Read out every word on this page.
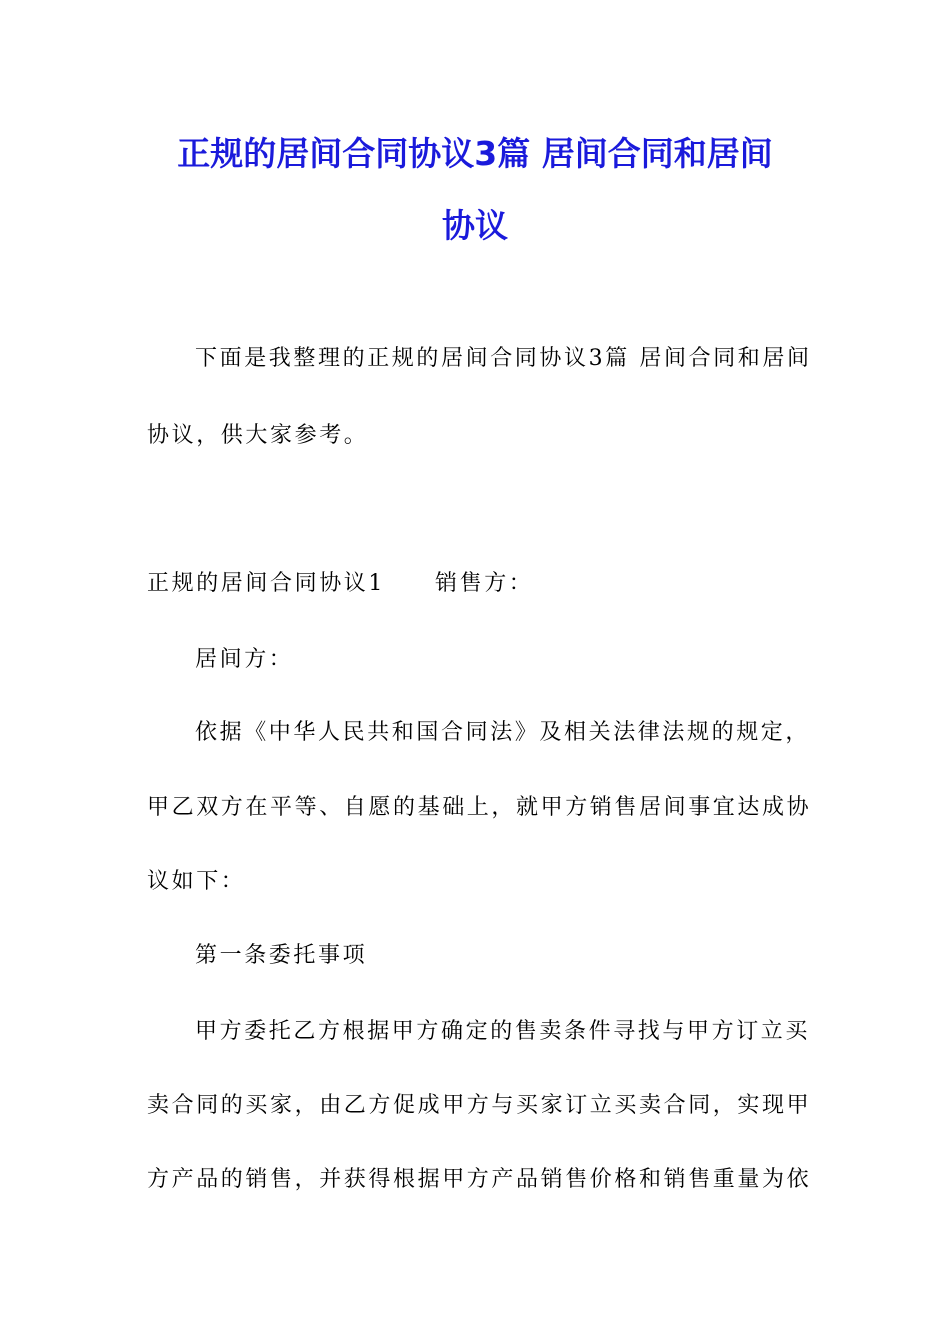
正规的居间合同协议3篇 居间合同和居间
协议
下面是我整理的正规的居间合同协议3篇 居间合同和居间
协议，供大家参考。
正规的居间合同协议1 销售方：
居间方：
依据《中华人民共和国合同法》及相关法律法规的规定，
甲乙双方在平等、自愿的基础上，就甲方销售居间事宜达成协
议如下：
第一条委托事项
甲方委托乙方根据甲方确定的售卖条件寻找与甲方订立买
卖合同的买家，由乙方促成甲方与买家订立买卖合同，实现甲
方产品的销售，并获得根据甲方产品销售价格和销售重量为依
